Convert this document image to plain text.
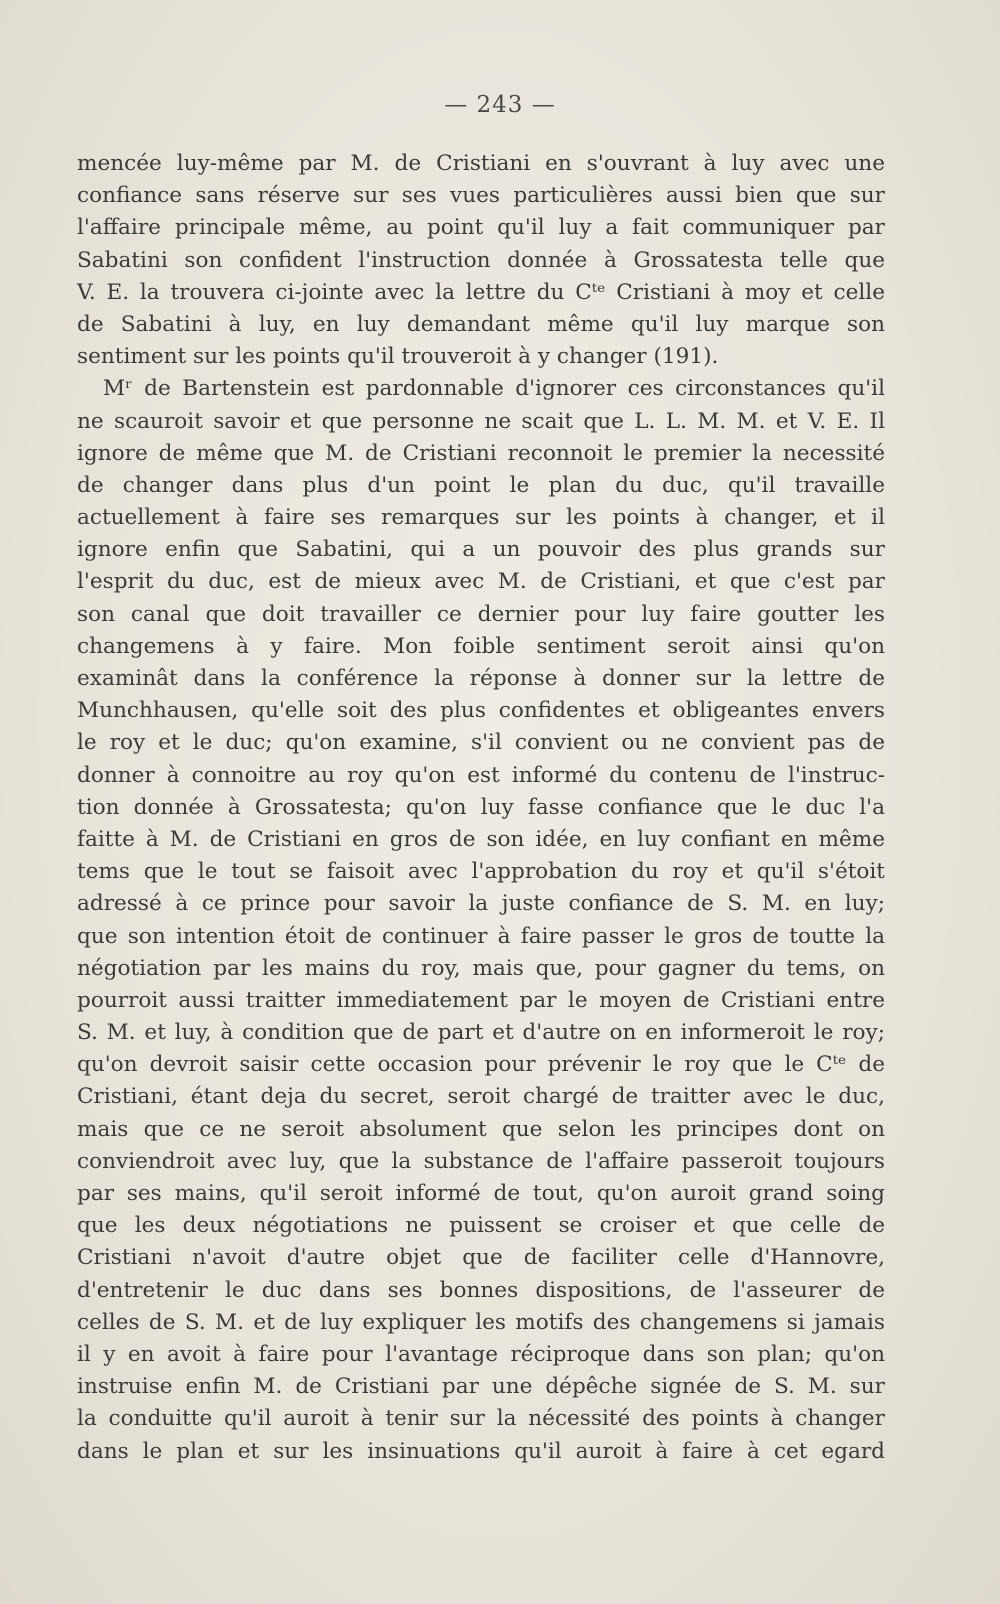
— 243 —
mencée luy-même par M. de Cristiani en s'ouvrant à luy avec une
confiance sans réserve sur ses vues particulières aussi bien que sur
l'affaire principale même, au point qu'il luy a fait communiquer par
Sabatini son confident l'instruction donnée à Grossatesta telle que
V. E. la trouvera ci-jointe avec la lettre du Cᵗᵉ Cristiani à moy et celle
de Sabatini à luy, en luy demandant même qu'il luy marque son
sentiment sur les points qu'il trouveroit à y changer (191).
Mʳ de Bartenstein est pardonnable d'ignorer ces circonstances qu'il
ne scauroit savoir et que personne ne scait que L. L. M. M. et V. E. Il
ignore de même que M. de Cristiani reconnoit le premier la necessité
de changer dans plus d'un point le plan du duc, qu'il travaille
actuellement à faire ses remarques sur les points à changer, et il
ignore enfin que Sabatini, qui a un pouvoir des plus grands sur
l'esprit du duc, est de mieux avec M. de Cristiani, et que c'est par
son canal que doit travailler ce dernier pour luy faire goutter les
changemens à y faire. Mon foible sentiment seroit ainsi qu'on
examinât dans la conférence la réponse à donner sur la lettre de
Munchhausen, qu'elle soit des plus confidentes et obligeantes envers
le roy et le duc; qu'on examine, s'il convient ou ne convient pas de
donner à connoitre au roy qu'on est informé du contenu de l'instruc-
tion donnée à Grossatesta; qu'on luy fasse confiance que le duc l'a
faitte à M. de Cristiani en gros de son idée, en luy confiant en même
tems que le tout se faisoit avec l'approbation du roy et qu'il s'étoit
adressé à ce prince pour savoir la juste confiance de S. M. en luy;
que son intention étoit de continuer à faire passer le gros de toutte la
négotiation par les mains du roy, mais que, pour gagner du tems, on
pourroit aussi traitter immediatement par le moyen de Cristiani entre
S. M. et luy, à condition que de part et d'autre on en informeroit le roy;
qu'on devroit saisir cette occasion pour prévenir le roy que le Cᵗᵉ de
Cristiani, étant deja du secret, seroit chargé de traitter avec le duc,
mais que ce ne seroit absolument que selon les principes dont on
conviendroit avec luy, que la substance de l'affaire passeroit toujours
par ses mains, qu'il seroit informé de tout, qu'on auroit grand soing
que les deux négotiations ne puissent se croiser et que celle de
Cristiani n'avoit d'autre objet que de faciliter celle d'Hannovre,
d'entretenir le duc dans ses bonnes dispositions, de l'asseurer de
celles de S. M. et de luy expliquer les motifs des changemens si jamais
il y en avoit à faire pour l'avantage réciproque dans son plan; qu'on
instruise enfin M. de Cristiani par une dépêche signée de S. M. sur
la conduitte qu'il auroit à tenir sur la nécessité des points à changer
dans le plan et sur les insinuations qu'il auroit à faire à cet egard
